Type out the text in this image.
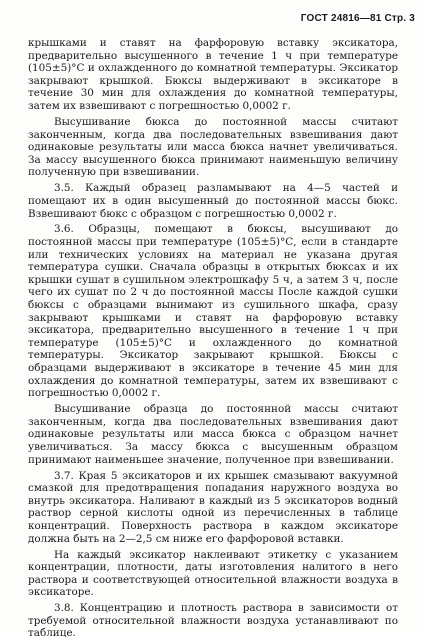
ГОСТ 24816—81 Стр. 3

крышками и ставят на фарфоровую вставку эксикатора, предварительно высушенного в течение 1 ч при температуре (105±5)°С и охлажденного до комнатной температуры. Эксикатор закрывают крышкой. Бюксы выдерживают в эксикаторе в течение 30 мин для охлаждения до комнатной температуры, затем их взвешивают с погрешностью 0,0002 г.

Высушивание бюкса до постоянной массы считают законченным, когда два последовательных взвешивания дают одинаковые результаты или масса бюкса начнет увеличиваться. За массу высушенного бюкса принимают наименьшую величину полученную при взвешивании.

3.5. Каждый образец разламывают на 4—5 частей и помещают их в один высушенный до постоянной массы бюкс. Взвешивают бюкс с образцом с погрешностью 0,0002 г.

3.6. Образцы, помещают в бюксы, высушивают до постоянной массы при температуре (105±5)°С, если в стандарте или технических условиях на материал не указана другая температура сушки. Сначала образцы в открытых бюксах и их крышки сушат в сушильном электрошкафу 5 ч, а затем 3 ч, после чего их сушат по 2 ч до постоянной массы После каждой сушки бюксы с образцами вынимают из сушильного шкафа, сразу закрывают крышками и ставят на фарфоровую вставку эксикатора, предварительно высушенного в течение 1 ч при температуре (105±5)°С и охлажденного до комнатной температуры. Эксикатор закрывают крышкой. Бюксы с образцами выдерживают в эксикаторе в течение 45 мин для охлаждения до комнатной температуры, затем их взвешивают с погрешностью 0,0002 г.

Высушивание образца до постоянной массы считают законченным, когда два последовательных взвешивания дают одинаковые результаты или масса бюкса с образцом начнет увеличиваться. За массу бюкса с высушенным образцом принимают наименьшее значение, полученное при взвешивании.

3.7. Края 5 эксикаторов и их крышек смазывают вакуумной смазкой для предотвращения попадания наружного воздуха во внутрь эксикатора. Наливают в каждый из 5 эксикаторов водный раствор серной кислоты одной из перечисленных в таблице концентраций. Поверхность раствора в каждом эксикаторе должна быть на 2—2,5 см ниже его фарфоровой вставки.

На каждый эксикатор наклеивают этикетку с указанием концентрации, плотности, даты изготовления налитого в него раствора и соответствующей относительной влажности воздуха в эксикаторе.

3.8. Концентрацию и плотность раствора в зависимости от требуемой относительной влажности воздуха устанавливают по таблице.
